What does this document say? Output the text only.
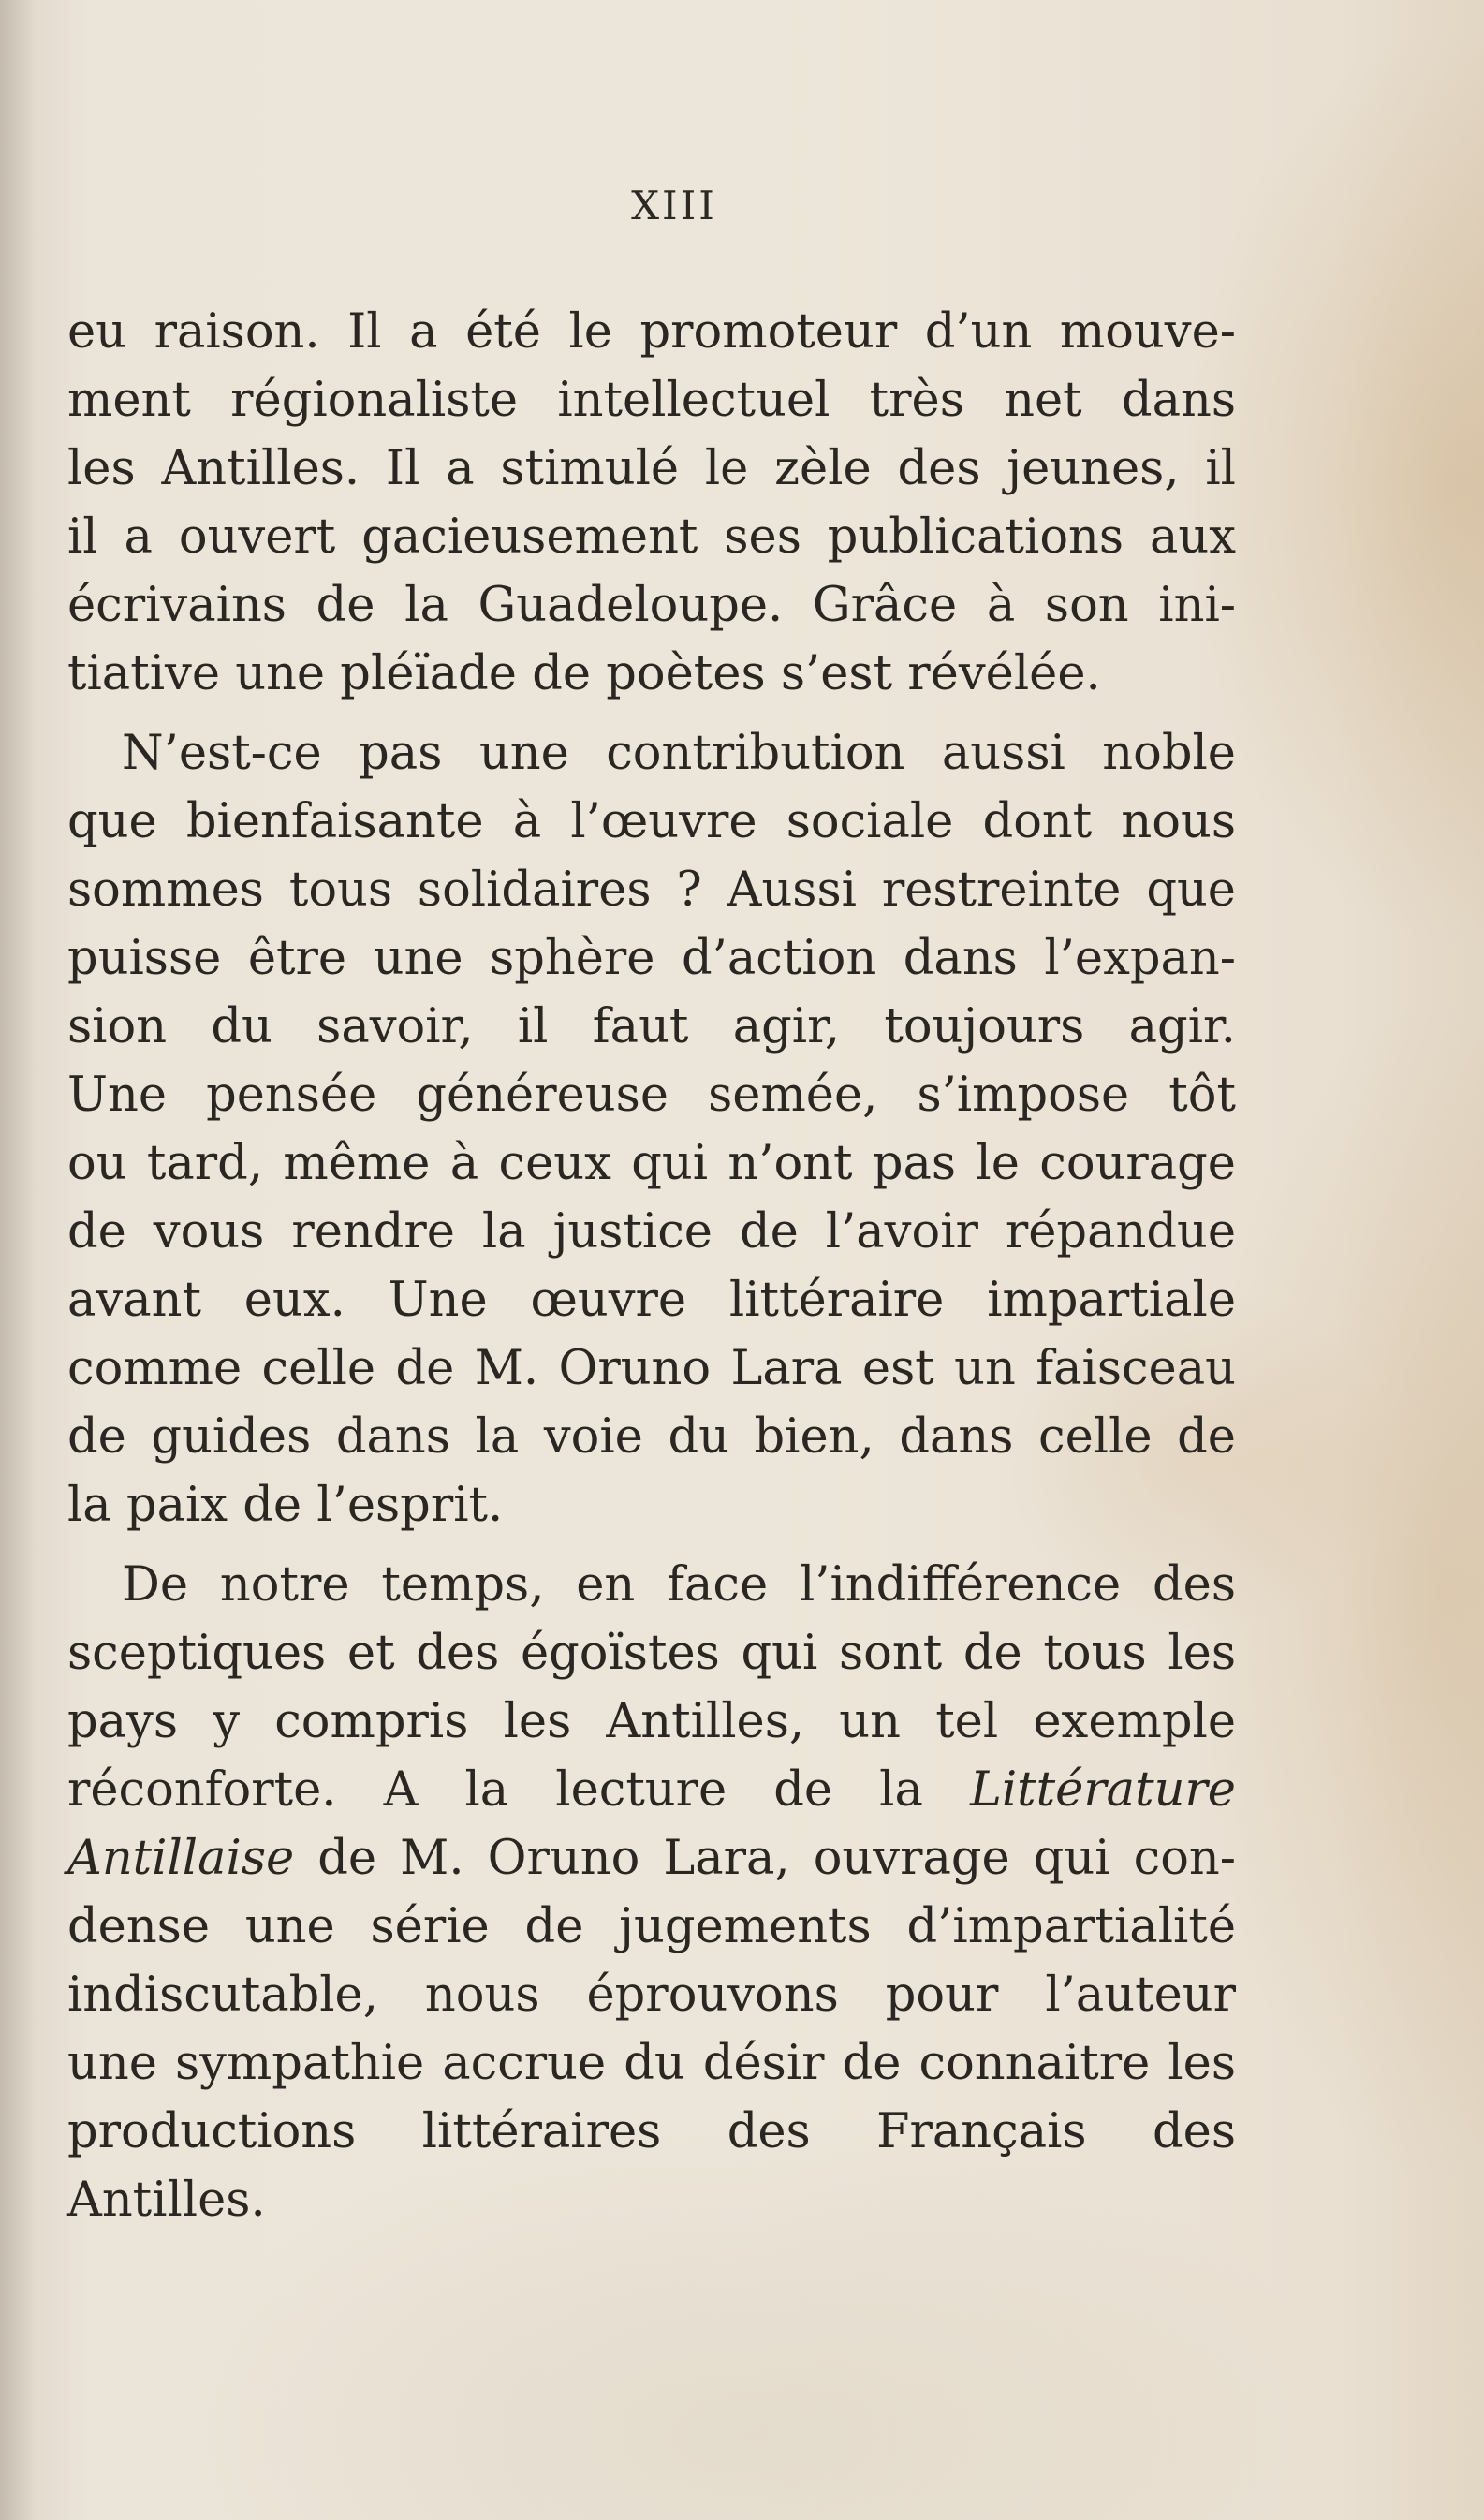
XIII
eu raison. Il a été le promoteur d’un mouve-
ment régionaliste intellectuel très net dans
les Antilles. Il a stimulé le zèle des jeunes, il
il a ouvert gacieusement ses publications aux
écrivains de la Guadeloupe. Grâce à son ini-
tiative une pléïade de poètes s’est révélée.
N’est-ce pas une contribution aussi noble
que bienfaisante à l’œuvre sociale dont nous
sommes tous solidaires ? Aussi restreinte que
puisse être une sphère d’action dans l’expan-
sion du savoir, il faut agir, toujours agir.
Une pensée généreuse semée, s’impose tôt
ou tard, même à ceux qui n’ont pas le courage
de vous rendre la justice de l’avoir répandue
avant eux. Une œuvre littéraire impartiale
comme celle de M. Oruno Lara est un faisceau
de guides dans la voie du bien, dans celle de
la paix de l’esprit.
De notre temps, en face l’indifférence des
sceptiques et des égoïstes qui sont de tous les
pays y compris les Antilles, un tel exemple
réconforte. A la lecture de la Littérature
Antillaise de M. Oruno Lara, ouvrage qui con-
dense une série de jugements d’impartialité
indiscutable, nous éprouvons pour l’auteur
une sympathie accrue du désir de connaitre les
productions littéraires des Français des
Antilles.
